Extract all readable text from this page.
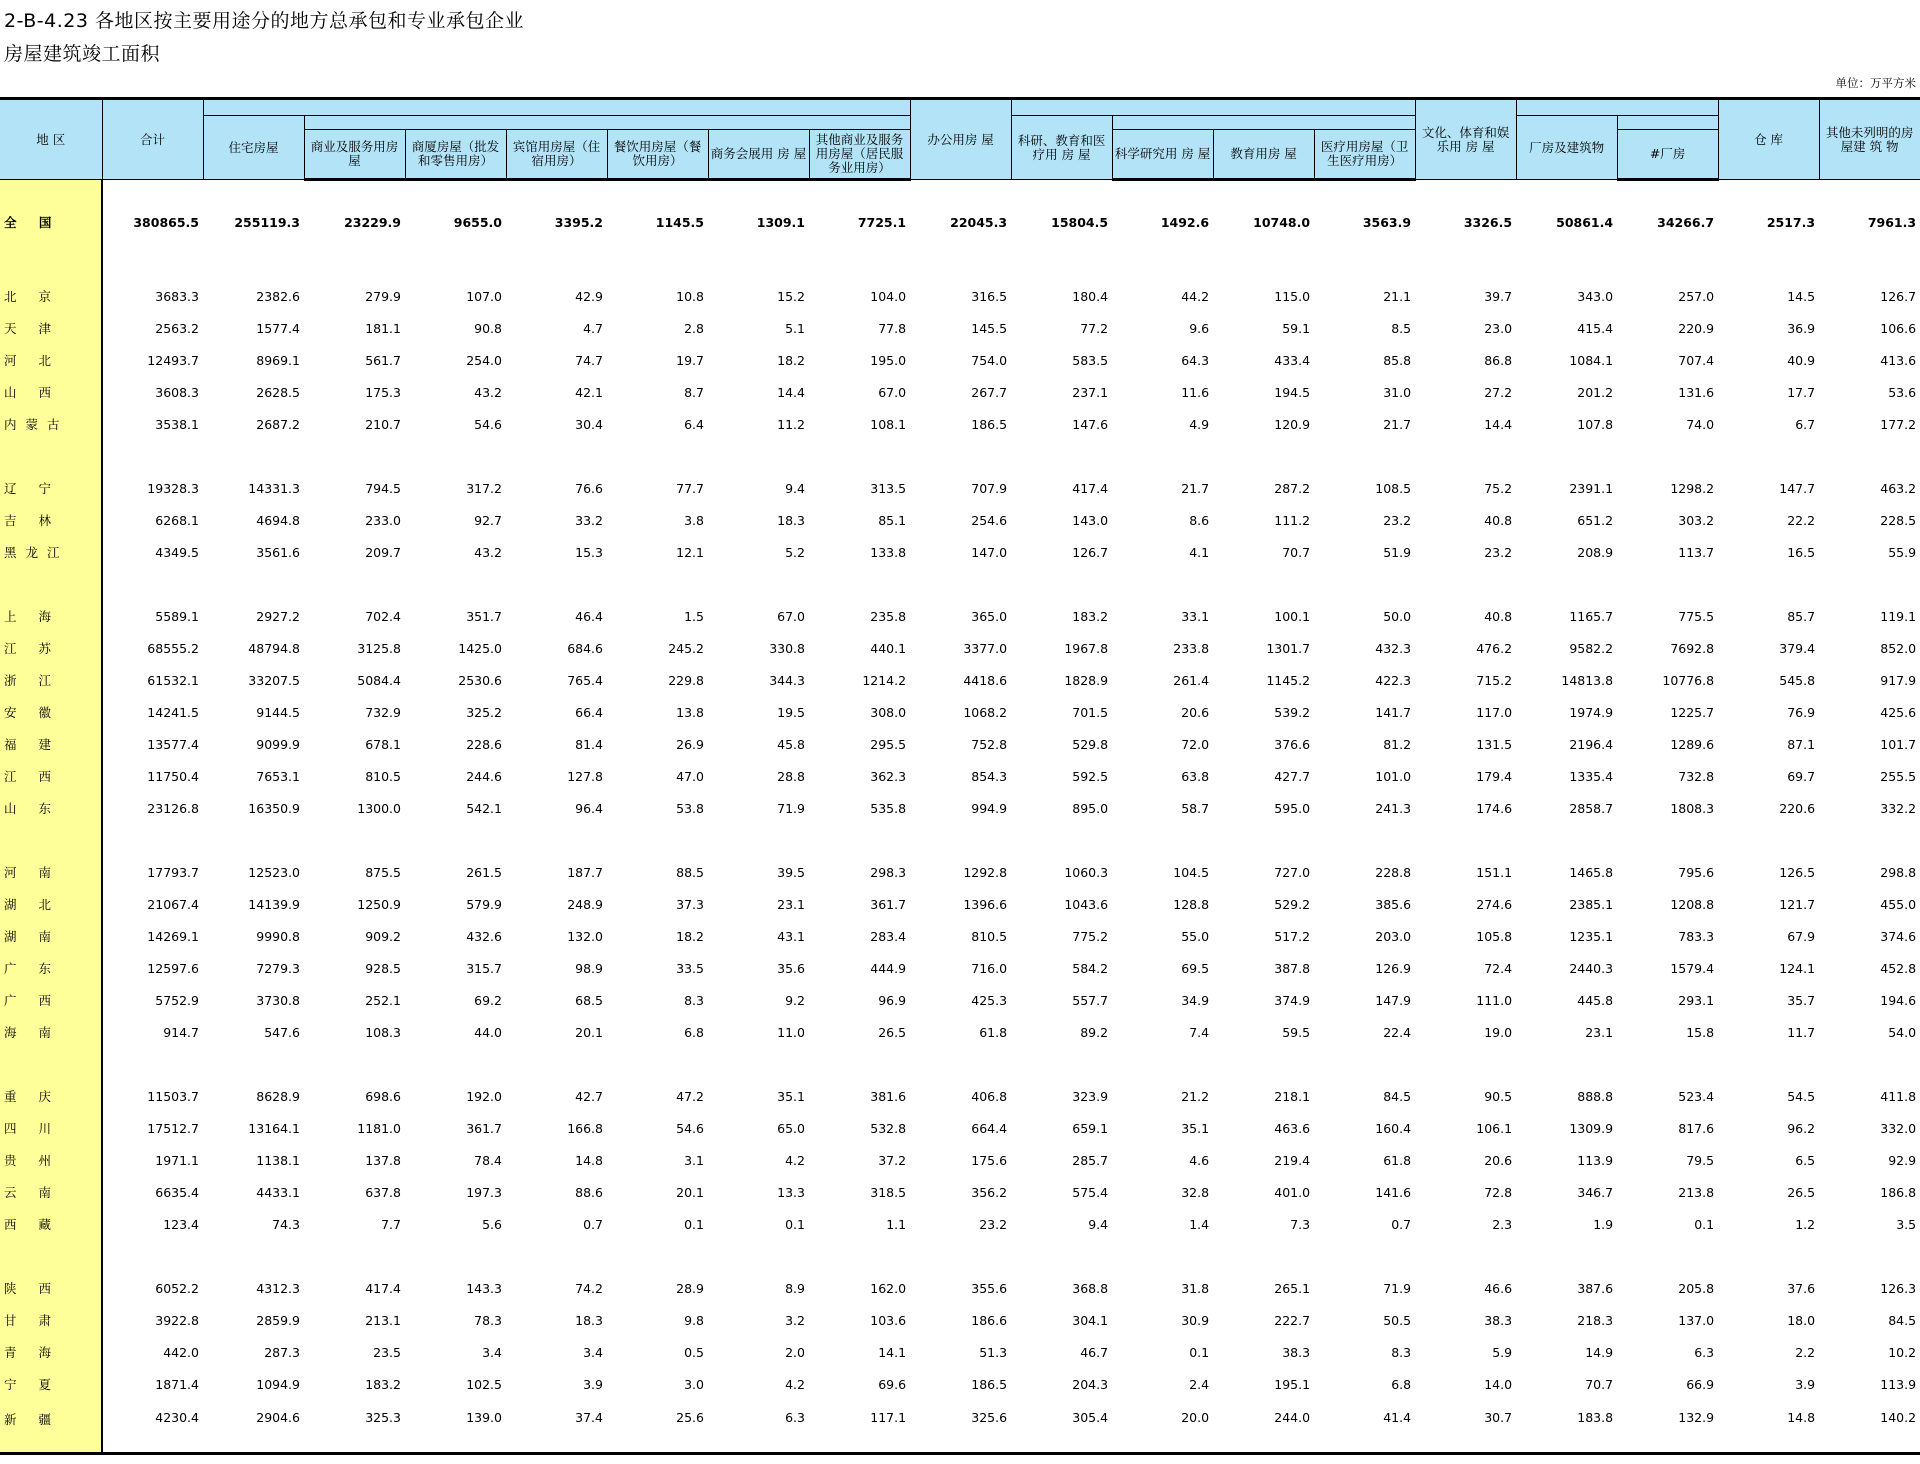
2-B-4.23 各地区按主要用途分的地方总承包和专业承包企业
房屋建筑竣工面积
单位：万平方米
地 区	合计								办公用房 屋					文化、体育和娱乐用 房 屋			仓 库	其他未列明的房屋建 筑 物
		住宅房屋								科研、教育和医疗用 房 屋					厂房及建筑物			
			商业及服务用房屋	商厦房屋（批发和零售用房）	宾馆用房屋（住宿用房）	餐饮用房屋（餐饮用房）	商务会展用 房 屋	其他商业及服务用房屋（居民服务业用房）			科学研究用 房 屋	教育用房 屋	医疗用房屋（卫生医疗用房）			#厂房		

全 国	380865.5	255119.3	23229.9	9655.0	3395.2	1145.5	1309.1	7725.1	22045.3	15804.5	1492.6	10748.0	3563.9	3326.5	50861.4	34266.7	2517.3	7961.3

北 京	3683.3	2382.6	279.9	107.0	42.9	10.8	15.2	104.0	316.5	180.4	44.2	115.0	21.1	39.7	343.0	257.0	14.5	126.7
天 津	2563.2	1577.4	181.1	90.8	4.7	2.8	5.1	77.8	145.5	77.2	9.6	59.1	8.5	23.0	415.4	220.9	36.9	106.6
河 北	12493.7	8969.1	561.7	254.0	74.7	19.7	18.2	195.0	754.0	583.5	64.3	433.4	85.8	86.8	1084.1	707.4	40.9	413.6
山 西	3608.3	2628.5	175.3	43.2	42.1	8.7	14.4	67.0	267.7	237.1	11.6	194.5	31.0	27.2	201.2	131.6	17.7	53.6
内蒙古	3538.1	2687.2	210.7	54.6	30.4	6.4	11.2	108.1	186.5	147.6	4.9	120.9	21.7	14.4	107.8	74.0	6.7	177.2

辽 宁	19328.3	14331.3	794.5	317.2	76.6	77.7	9.4	313.5	707.9	417.4	21.7	287.2	108.5	75.2	2391.1	1298.2	147.7	463.2
吉 林	6268.1	4694.8	233.0	92.7	33.2	3.8	18.3	85.1	254.6	143.0	8.6	111.2	23.2	40.8	651.2	303.2	22.2	228.5
黑龙江	4349.5	3561.6	209.7	43.2	15.3	12.1	5.2	133.8	147.0	126.7	4.1	70.7	51.9	23.2	208.9	113.7	16.5	55.9

上 海	5589.1	2927.2	702.4	351.7	46.4	1.5	67.0	235.8	365.0	183.2	33.1	100.1	50.0	40.8	1165.7	775.5	85.7	119.1
江 苏	68555.2	48794.8	3125.8	1425.0	684.6	245.2	330.8	440.1	3377.0	1967.8	233.8	1301.7	432.3	476.2	9582.2	7692.8	379.4	852.0
浙 江	61532.1	33207.5	5084.4	2530.6	765.4	229.8	344.3	1214.2	4418.6	1828.9	261.4	1145.2	422.3	715.2	14813.8	10776.8	545.8	917.9
安 徽	14241.5	9144.5	732.9	325.2	66.4	13.8	19.5	308.0	1068.2	701.5	20.6	539.2	141.7	117.0	1974.9	1225.7	76.9	425.6
福 建	13577.4	9099.9	678.1	228.6	81.4	26.9	45.8	295.5	752.8	529.8	72.0	376.6	81.2	131.5	2196.4	1289.6	87.1	101.7
江 西	11750.4	7653.1	810.5	244.6	127.8	47.0	28.8	362.3	854.3	592.5	63.8	427.7	101.0	179.4	1335.4	732.8	69.7	255.5
山 东	23126.8	16350.9	1300.0	542.1	96.4	53.8	71.9	535.8	994.9	895.0	58.7	595.0	241.3	174.6	2858.7	1808.3	220.6	332.2

河 南	17793.7	12523.0	875.5	261.5	187.7	88.5	39.5	298.3	1292.8	1060.3	104.5	727.0	228.8	151.1	1465.8	795.6	126.5	298.8
湖 北	21067.4	14139.9	1250.9	579.9	248.9	37.3	23.1	361.7	1396.6	1043.6	128.8	529.2	385.6	274.6	2385.1	1208.8	121.7	455.0
湖 南	14269.1	9990.8	909.2	432.6	132.0	18.2	43.1	283.4	810.5	775.2	55.0	517.2	203.0	105.8	1235.1	783.3	67.9	374.6
广 东	12597.6	7279.3	928.5	315.7	98.9	33.5	35.6	444.9	716.0	584.2	69.5	387.8	126.9	72.4	2440.3	1579.4	124.1	452.8
广 西	5752.9	3730.8	252.1	69.2	68.5	8.3	9.2	96.9	425.3	557.7	34.9	374.9	147.9	111.0	445.8	293.1	35.7	194.6
海 南	914.7	547.6	108.3	44.0	20.1	6.8	11.0	26.5	61.8	89.2	7.4	59.5	22.4	19.0	23.1	15.8	11.7	54.0

重 庆	11503.7	8628.9	698.6	192.0	42.7	47.2	35.1	381.6	406.8	323.9	21.2	218.1	84.5	90.5	888.8	523.4	54.5	411.8
四 川	17512.7	13164.1	1181.0	361.7	166.8	54.6	65.0	532.8	664.4	659.1	35.1	463.6	160.4	106.1	1309.9	817.6	96.2	332.0
贵 州	1971.1	1138.1	137.8	78.4	14.8	3.1	4.2	37.2	175.6	285.7	4.6	219.4	61.8	20.6	113.9	79.5	6.5	92.9
云 南	6635.4	4433.1	637.8	197.3	88.6	20.1	13.3	318.5	356.2	575.4	32.8	401.0	141.6	72.8	346.7	213.8	26.5	186.8
西 藏	123.4	74.3	7.7	5.6	0.7	0.1	0.1	1.1	23.2	9.4	1.4	7.3	0.7	2.3	1.9	0.1	1.2	3.5

陕 西	6052.2	4312.3	417.4	143.3	74.2	28.9	8.9	162.0	355.6	368.8	31.8	265.1	71.9	46.6	387.6	205.8	37.6	126.3
甘 肃	3922.8	2859.9	213.1	78.3	18.3	9.8	3.2	103.6	186.6	304.1	30.9	222.7	50.5	38.3	218.3	137.0	18.0	84.5
青 海	442.0	287.3	23.5	3.4	3.4	0.5	2.0	14.1	51.3	46.7	0.1	38.3	8.3	5.9	14.9	6.3	2.2	10.2
宁 夏	1871.4	1094.9	183.2	102.5	3.9	3.0	4.2	69.6	186.5	204.3	2.4	195.1	6.8	14.0	70.7	66.9	3.9	113.9
新 疆	4230.4	2904.6	325.3	139.0	37.4	25.6	6.3	117.1	325.6	305.4	20.0	244.0	41.4	30.7	183.8	132.9	14.8	140.2
